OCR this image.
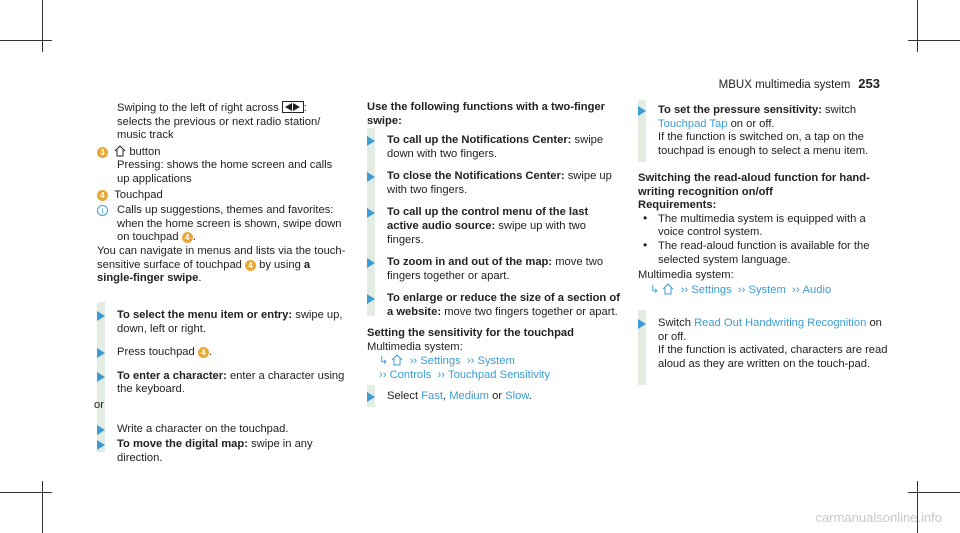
MBUX multimedia system 253

Swiping to the left of right across :
selects the previous or next radio station/ music track

3 button

Pressing: shows the home screen and calls up applications

4 Touchpad

i Calls up suggestions, themes and favorites: when the home screen is shown, swipe down on touchpad 4 .

You can navigate in menus and lists via the touch-sensitive surface of touchpad 4 by using a single-finger swipe.

To select the menu item or entry: swipe up, down, left or right.

Press touchpad 4 .

To enter a character: enter a character using the keyboard.

or

Write a character on the touchpad.

To move the digital map: swipe in any direction.

Use the following functions with a two-finger swipe:

To call up the Notifications Center: swipe down with two fingers.

To close the Notifications Center: swipe up with two fingers.

To call up the control menu of the last active audio source: swipe up with two fingers.

To zoom in and out of the map: move two fingers together or apart.

To enlarge or reduce the size of a section of a website: move two fingers together or apart.

Setting the sensitivity for the touchpad

Multimedia system:

↳   ›› Settings  ›› System

›› Controls  ›› Touchpad Sensitivity

Select Fast, Medium or Slow.

To set the pressure sensitivity: switch
Touchpad Tap on or off.
If the function is switched on, a tap on the touchpad is enough to select a menu item.

Switching the read-aloud function for hand-writing recognition on/off

Requirements:

• The multimedia system is equipped with a voice control system.

• The read-aloud function is available for the selected system language.

Multimedia system:

↳   ›› Settings  ›› System  ›› Audio

Switch Read Out Handwriting Recognition on or off.
If the function is activated, characters are read aloud as they are written on the touch-pad.

carmanualsonline.info
